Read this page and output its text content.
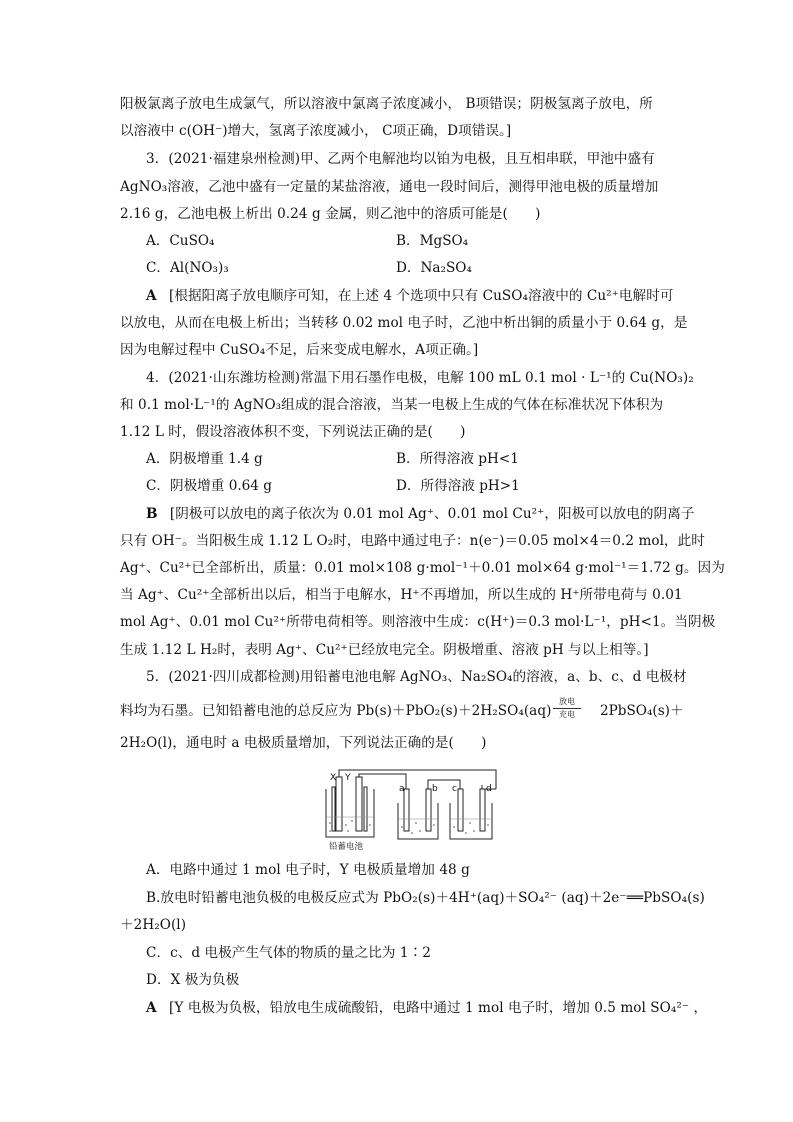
阳极氯离子放电生成氯气，所以溶液中氯离子浓度减小， B项错误；阴极氢离子放电，所
以溶液中 c(OH⁻)增大，氢离子浓度减小， C项正确，D项错误。]
3．(2021·福建泉州检测)甲、乙两个电解池均以铂为电极，且互相串联，甲池中盛有
AgNO₃溶液，乙池中盛有一定量的某盐溶液，通电一段时间后，测得甲池电极的质量增加
2.16 g，乙池电极上析出 0.24 g 金属，则乙池中的溶质可能是(　　)
A．CuSO₄	B．MgSO₄
C．Al(NO₃)₃	D．Na₂SO₄
A [根据阳离子放电顺序可知，在上述 4 个选项中只有 CuSO₄溶液中的 Cu²⁺电解时可
以放电，从而在电极上析出；当转移 0.02 mol 电子时，乙池中析出铜的质量小于 0.64 g，是
因为电解过程中 CuSO₄不足，后来变成电解水，A项正确。]
4．(2021·山东潍坊检测)常温下用石墨作电极，电解 100 mL 0.1 mol · L⁻¹的 Cu(NO₃)₂
和 0.1 mol·L⁻¹的 AgNO₃组成的混合溶液，当某一电极上生成的气体在标准状况下体积为
1.12 L 时，假设溶液体积不变，下列说法正确的是(　　)
A．阴极增重 1.4 g	B．所得溶液 pH<1
C．阴极增重 0.64 g	D．所得溶液 pH>1
B [阴极可以放电的离子依次为 0.01 mol Ag⁺、0.01 mol Cu²⁺，阳极可以放电的阴离子
只有 OH⁻。当阳极生成 1.12 L O₂时，电路中通过电子：n(e⁻)＝0.05 mol×4＝0.2 mol，此时
Ag⁺、Cu²⁺已全部析出，质量：0.01 mol×108 g·mol⁻¹＋0.01 mol×64 g·mol⁻¹＝1.72 g。因为
当 Ag⁺、Cu²⁺全部析出以后，相当于电解水，H⁺不再增加，所以生成的 H⁺所带电荷与 0.01
mol Ag⁺、0.01 mol Cu²⁺所带电荷相等。则溶液中生成：c(H⁺)＝0.3 mol·L⁻¹，pH<1。当阴极
生成 1.12 L H₂时，表明 Ag⁺、Cu²⁺已经放电完全。阴极增重、溶液 pH 与以上相等。]
5．(2021·四川成都检测)用铅蓄电池电解 AgNO₃、Na₂SO₄的溶液，a、b、c、d 电极材
料均为石墨。已知铅蓄电池的总反应为 Pb(s)＋PbO₂(s)＋2H₂SO₄(aq)
放电
充电	2PbSO₄(s)＋
2H₂O(l)，通电时 a 电极质量增加，下列说法正确的是(　　)
X Y
a	b c	d
铅蓄电池
A．电路中通过 1 mol 电子时，Y 电极质量增加 48 g
B.放电时铅蓄电池负极的电极反应式为 PbO₂(s)＋4H⁺(aq)＋SO₄²⁻ (aq)＋2e⁻══PbSO₄(s)
＋2H₂O(l)
C．c、d 电极产生气体的物质的量之比为 1∶2
D．X 极为负极
A [Y 电极为负极，铅放电生成硫酸铅，电路中通过 1 mol 电子时，增加 0.5 mol SO₄²⁻ ，
